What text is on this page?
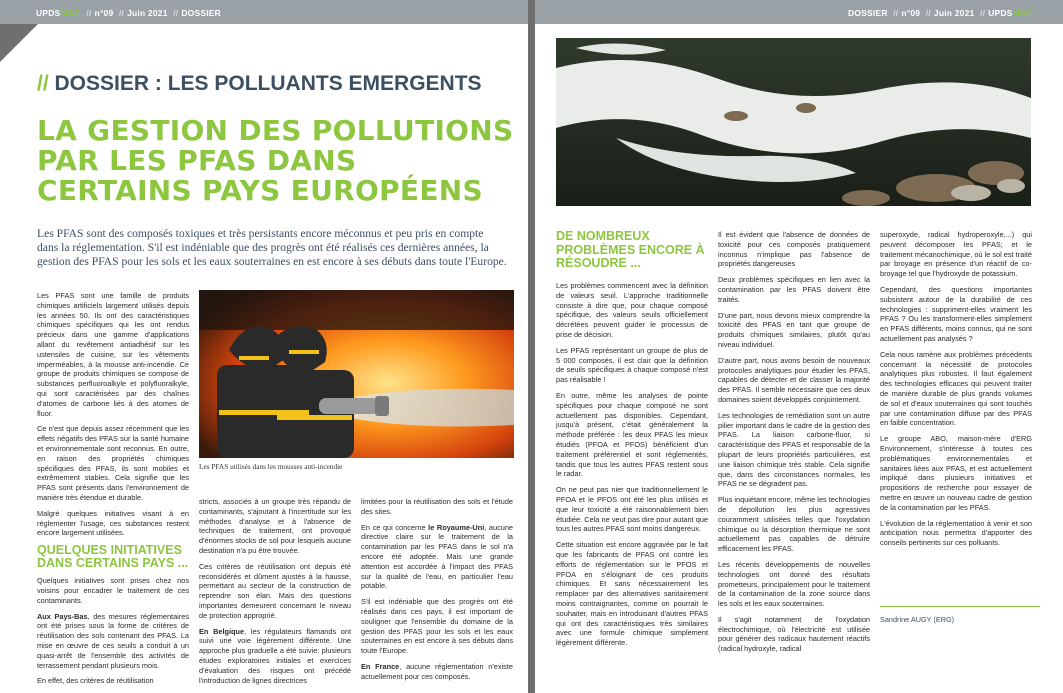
UPDSMAG // n°09 // Juin 2021 // DOSSIER
// DOSSIER : LES POLLUANTS EMERGENTS
LA GESTION DES POLLUTIONS PAR LES PFAS DANS CERTAINS PAYS EUROPÉENS

Les PFAS sont des composés toxiques et très persistants encore méconnus et peu pris en compte dans la réglementation. S'il est indéniable que des progrès ont été réalisés ces dernières années, la gestion des PFAS pour les sols et les eaux souterraines en est encore à ses débuts dans toute l'Europe.

Les PFAS sont une famille de produits chimiques artificiels largement utilisés depuis les années 50. Ils ont des caractéristiques chimiques spécifiques qui les ont rendus précieux dans une gamme d'applications allant du revêtement antiadhésif sur les ustensiles de cuisine, sur les vêtements imperméables, à la mousse anti-incendie. Ce groupe de produits chimiques se compose de substances perfluoroalkyle et polyfluoralkyle, qui sont caractérisées par des chaînes d'atomes de carbone liés à des atomes de fluor.

Ce n'est que depuis assez récemment que les effets négatifs des PFAS sur la santé humaine et environnementale sont reconnus. En outre, en raison des propriétés chimiques spécifiques des PFAS, ils sont mobiles et extrêmement stables. Cela signifie que les PFAS sont présents dans l'environnement de manière très étendue et durable.

Malgré quelques initiatives visant à en réglementer l'usage, ces substances restent encore largement utilisées.

QUELQUES INITIATIVES DANS CERTAINS PAYS ...

Quelques initiatives sont prises chez nos voisins pour encadrer le traitement de ces contaminants.

Aux Pays-Bas, des mesures réglementaires ont été prises sous la forme de critères de réutilisation des sols contenant des PFAS. La mise en œuvre de ces seuils a conduit à un quasi-arrêt de l'ensemble des activités de terrassement pendant plusieurs mois.

En effet, des critères de réutilisation

Les PFAS utilisés dans les mousses anti-incendie

stricts, associés à un groupe très répandu de contaminants, s'ajoutant à l'incertitude sur les méthodes d'analyse et à l'absence de techniques de traitement, ont provoqué d'énormes stocks de sol pour lesquels aucune destination n'a pu être trouvée.

Ces critères de réutilisation ont depuis été reconsidérés et dûment ajustés à la hausse, permettant au secteur de la construction de reprendre son élan. Mais des questions importantes demeurent concernant le niveau de protection approprié.

En Belgique, les régulateurs flamands ont suivi une voie légèrement différente. Une approche plus graduelle a été suivie: plusieurs études exploratoires initiales et exercices d'évaluation des risques ont précédé l'introduction de lignes directrices

limitées pour la réutilisation des sols et l'étude des sites.

En ce qui concerne le Royaume-Uni, aucune directive claire sur le traitement de la contamination par les PFAS dans le sol n'a encore été adoptée. Mais une grande attention est accordée à l'impact des PFAS sur la qualité de l'eau, en particulier l'eau potable.

S'il est indéniable que des progrès ont été réalisés dans ces pays, il est important de souligner que l'ensemble du domaine de la gestion des PFAS pour les sols et les eaux souterraines en est encore à ses débuts dans toute l'Europe.

En France, aucune réglementation n'existe actuellement pour ces composés.

DOSSIER // n°09 // Juin 2021 // UPDSMAG
DE NOMBREUX PROBLÈMES ENCORE À RÉSOUDRE ...

Les problèmes commencent avec la définition de valeurs seuil. L'approche traditionnelle consiste à dire que, pour chaque composé spécifique, des valeurs seuils officiellement décrétées peuvent guider le processus de prise de décision.

Les PFAS représentant un groupe de plus de 5 000 composés, il est clair que la définition de seuils spécifiques à chaque composé n'est pas réalisable !

En outre, même les analyses de pointe spécifiques pour chaque composé ne sont actuellement pas disponibles. Cependant, jusqu'à présent, c'était généralement la méthode préférée : les deux PFAS les mieux étudiés (PFOA et PFOS) bénéficient d'un traitement préférentiel et sont réglementés, tandis que tous les autres PFAS restent sous le radar.

On ne peut pas nier que traditionnellement le PFOA et le PFOS ont été les plus utilisés et que leur toxicité a été raisonnablement bien étudiée. Cela ne veut pas dire pour autant que tous les autres PFAS sont moins dangereux.

Cette situation est encore aggravée par le fait que les fabricants de PFAS ont contré les efforts de réglementation sur le PFOS et PFOA en s'éloignant de ces produits chimiques. Et sans nécessairement les remplacer par des alternatives sanitairement moins contraignantes, comme on pourrait le souhaiter, mais en introduisant d'autres PFAS qui ont des caractéristiques très similaires avec une formule chimique simplement légèrement différente.

Il est évident que l'absence de données de toxicité pour ces composés pratiquement inconnus n'implique pas l'absence de propriétés dangereuses

Deux problèmes spécifiques en lien avec la contamination par les PFAS doivent être traités.

D'une part, nous devons mieux comprendre la toxicité des PFAS en tant que groupe de produits chimiques similaires, plutôt qu'au niveau individuel.

D'autre part, nous avons besoin de nouveaux protocoles analytiques pour étudier les PFAS, capables de détecter et de classer la majorité des PFAS. Il semble nécessaire que ces deux domaines soient développés conjointement.

Les technologies de remédiation sont un autre pilier important dans le cadre de la gestion des PFAS. La liaison carbone-fluor, si caractéristique des PFAS et responsable de la plupart de leurs propriétés particulières, est une liaison chimique très stable. Cela signifie que, dans des circonstances normales, les PFAS ne se dégradent pas.

Plus inquiétant encore, même les technologies de dépollution les plus agressives couramment utilisées telles que l'oxydation chimique ou la désorption thermique ne sont actuellement pas capables de détruire efficacement les PFAS.

Les récents développements de nouvelles technologies ont donné des résultats prometteurs, principalement pour le traitement de la contamination de la zone source dans les sols et les eaux souterraines.

Il s'agit notamment de l'oxydation électrochimique, où l'électricité est utilisée pour générer des radicaux hautement réactifs (radical hydroxyle, radical

superoxyde, radical hydroperoxyle,...) qui peuvent décomposer les PFAS; et le traitement mécanochimique, où le sol est traité par broyage en présence d'un réactif de co-broyage tel que l'hydroxyde de potassium.

Cependant, des questions importantes subsistent autour de la durabilité de ces technologies : suppriment-elles vraiment les PFAS ? Ou les transforment-elles simplement en PFAS différents, moins connus, qui ne sont actuellement pas analysés ?

Cela nous ramène aux problèmes précédents concernant la nécessité de protocoles analytiques plus robustes. Il faut également des technologies efficaces qui peuvent traiter de manière durable de plus grands volumes de sol et d'eaux souterraines qui sont touchés par une contamination diffuse par des PFAS en faible concentration.

Le groupe ABO, maison-mère d'ERG Environnement, s'intéresse à toutes ces problématiques environnementales et sanitaires liées aux PFAS, et est actuellement impliqué dans plusieurs initiatives et propositions de recherche pour essayer de mettre en œuvre un nouveau cadre de gestion de la contamination par les PFAS.

L'évolution de la réglementation à venir et son anticipation nous permettra d'apporter des conseils pertinents sur ces polluants.

Sandrine AUGY (ERG)
